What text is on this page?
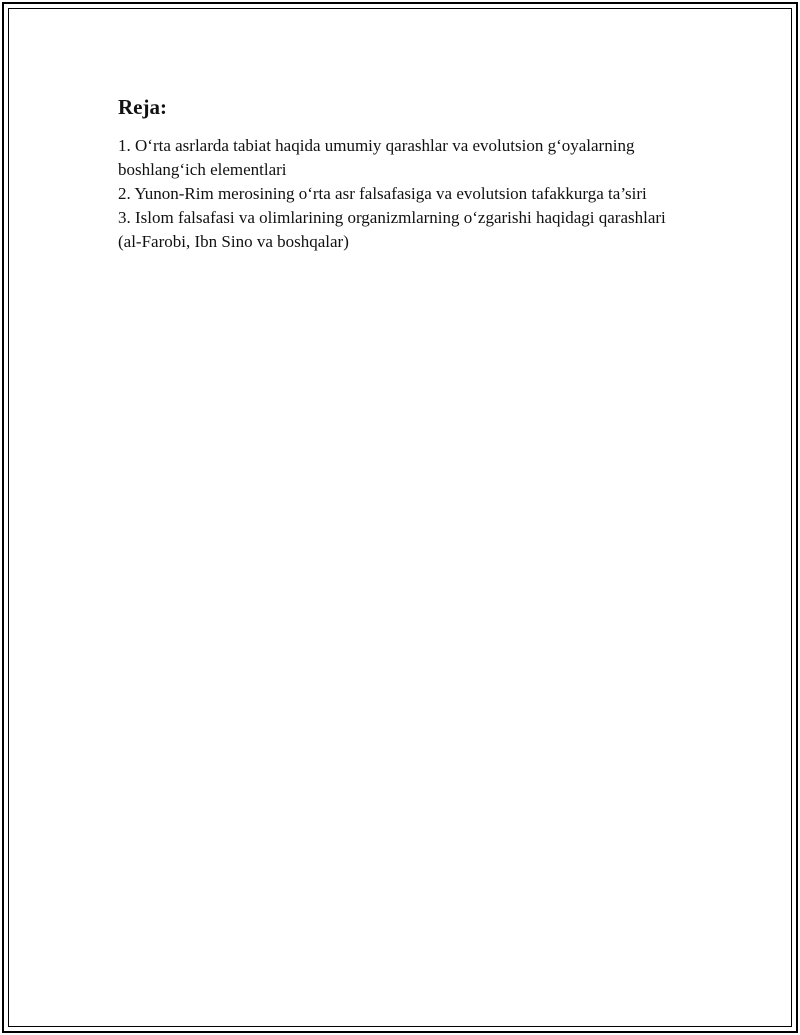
Reja:

1. O‘rta asrlarda tabiat haqida umumiy qarashlar va evolutsion g‘oyalarning boshlang‘ich elementlari

2. Yunon-Rim merosining o‘rta asr falsafasiga va evolutsion tafakkurga ta’siri

3. Islom falsafasi va olimlarining organizmlarning o‘zgarishi haqidagi qarashlari (al-Farobi, Ibn Sino va boshqalar)
